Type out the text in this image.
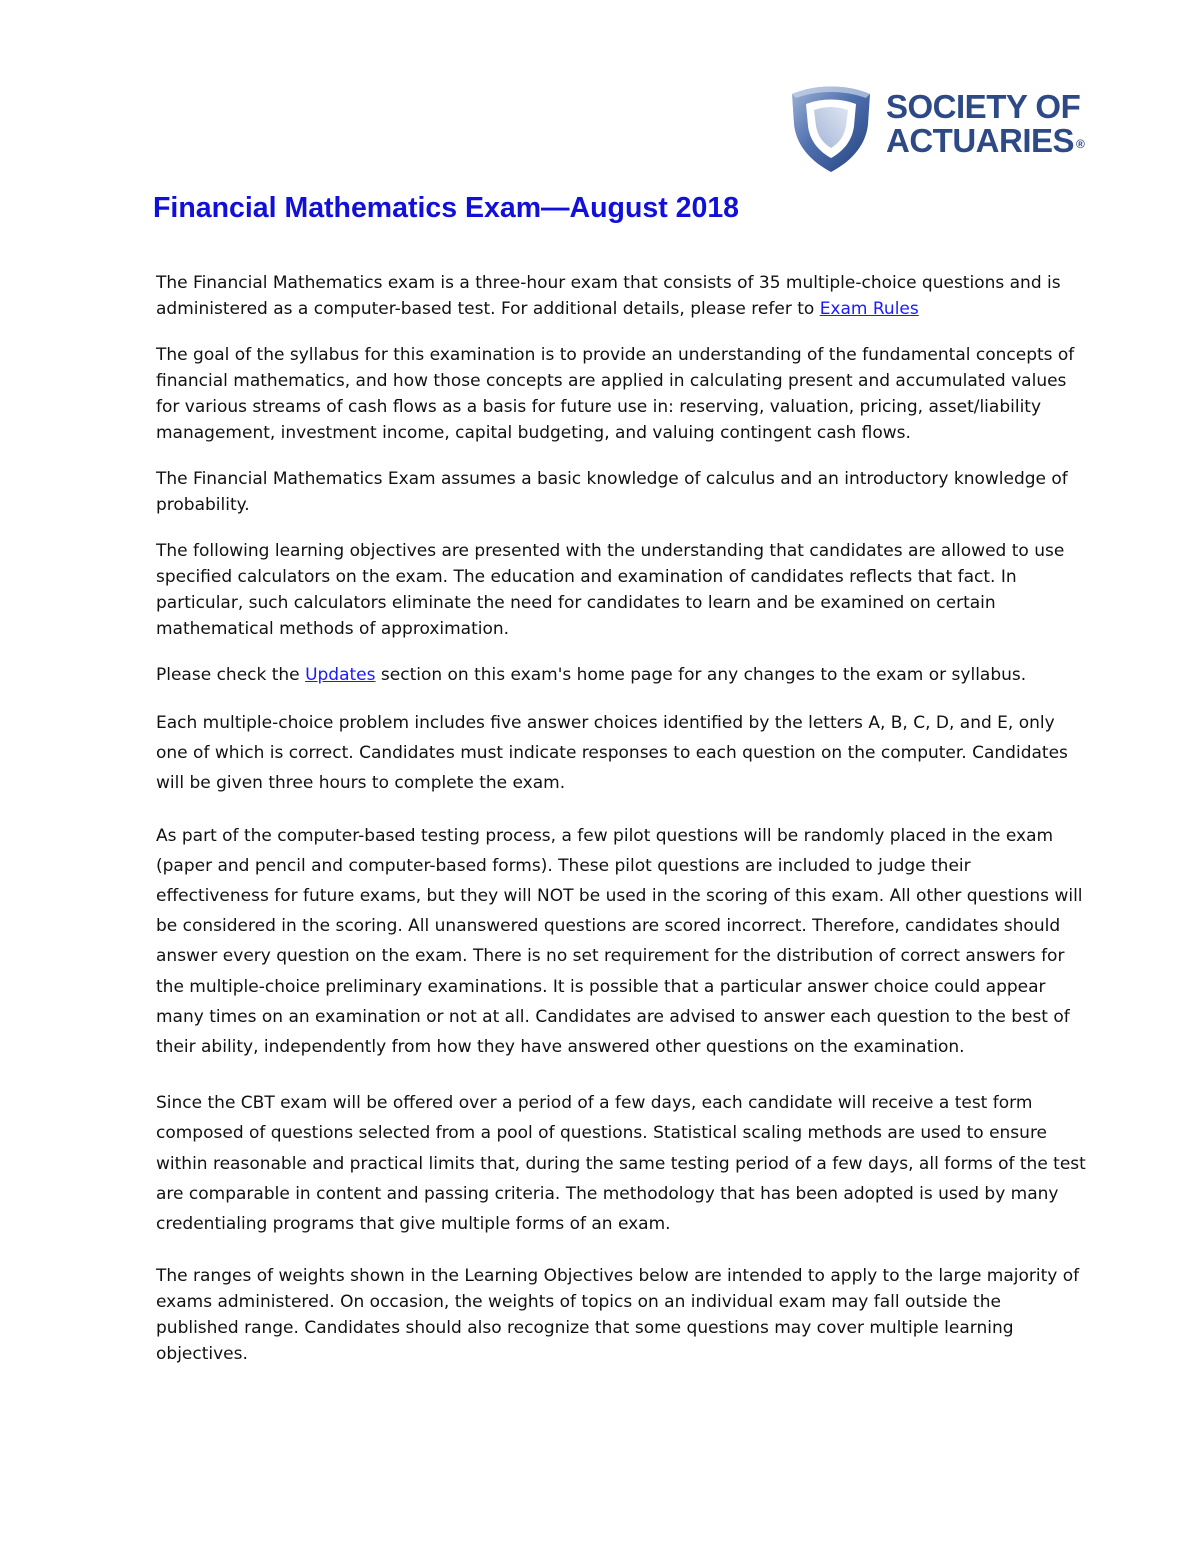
SOCIETY OF
ACTUARIES ®
Financial Mathematics Exam—August 2018

The Financial Mathematics exam is a three-hour exam that consists of 35 multiple-choice questions and is administered as a computer-based test. For additional details, please refer to Exam Rules

The goal of the syllabus for this examination is to provide an understanding of the fundamental concepts of financial mathematics, and how those concepts are applied in calculating present and accumulated values for various streams of cash flows as a basis for future use in: reserving, valuation, pricing, asset/liability management, investment income, capital budgeting, and valuing contingent cash flows.

The Financial Mathematics Exam assumes a basic knowledge of calculus and an introductory knowledge of probability.

The following learning objectives are presented with the understanding that candidates are allowed to use specified calculators on the exam. The education and examination of candidates reflects that fact. In particular, such calculators eliminate the need for candidates to learn and be examined on certain mathematical methods of approximation.

Please check the Updates section on this exam's home page for any changes to the exam or syllabus.

Each multiple-choice problem includes five answer choices identified by the letters A, B, C, D, and E, only one of which is correct. Candidates must indicate responses to each question on the computer. Candidates will be given three hours to complete the exam.

As part of the computer-based testing process, a few pilot questions will be randomly placed in the exam (paper and pencil and computer-based forms). These pilot questions are included to judge their effectiveness for future exams, but they will NOT be used in the scoring of this exam. All other questions will be considered in the scoring. All unanswered questions are scored incorrect. Therefore, candidates should answer every question on the exam. There is no set requirement for the distribution of correct answers for the multiple-choice preliminary examinations. It is possible that a particular answer choice could appear many times on an examination or not at all. Candidates are advised to answer each question to the best of their ability, independently from how they have answered other questions on the examination.

Since the CBT exam will be offered over a period of a few days, each candidate will receive a test form composed of questions selected from a pool of questions. Statistical scaling methods are used to ensure within reasonable and practical limits that, during the same testing period of a few days, all forms of the test are comparable in content and passing criteria. The methodology that has been adopted is used by many credentialing programs that give multiple forms of an exam.

The ranges of weights shown in the Learning Objectives below are intended to apply to the large majority of exams administered. On occasion, the weights of topics on an individual exam may fall outside the published range. Candidates should also recognize that some questions may cover multiple learning objectives.
